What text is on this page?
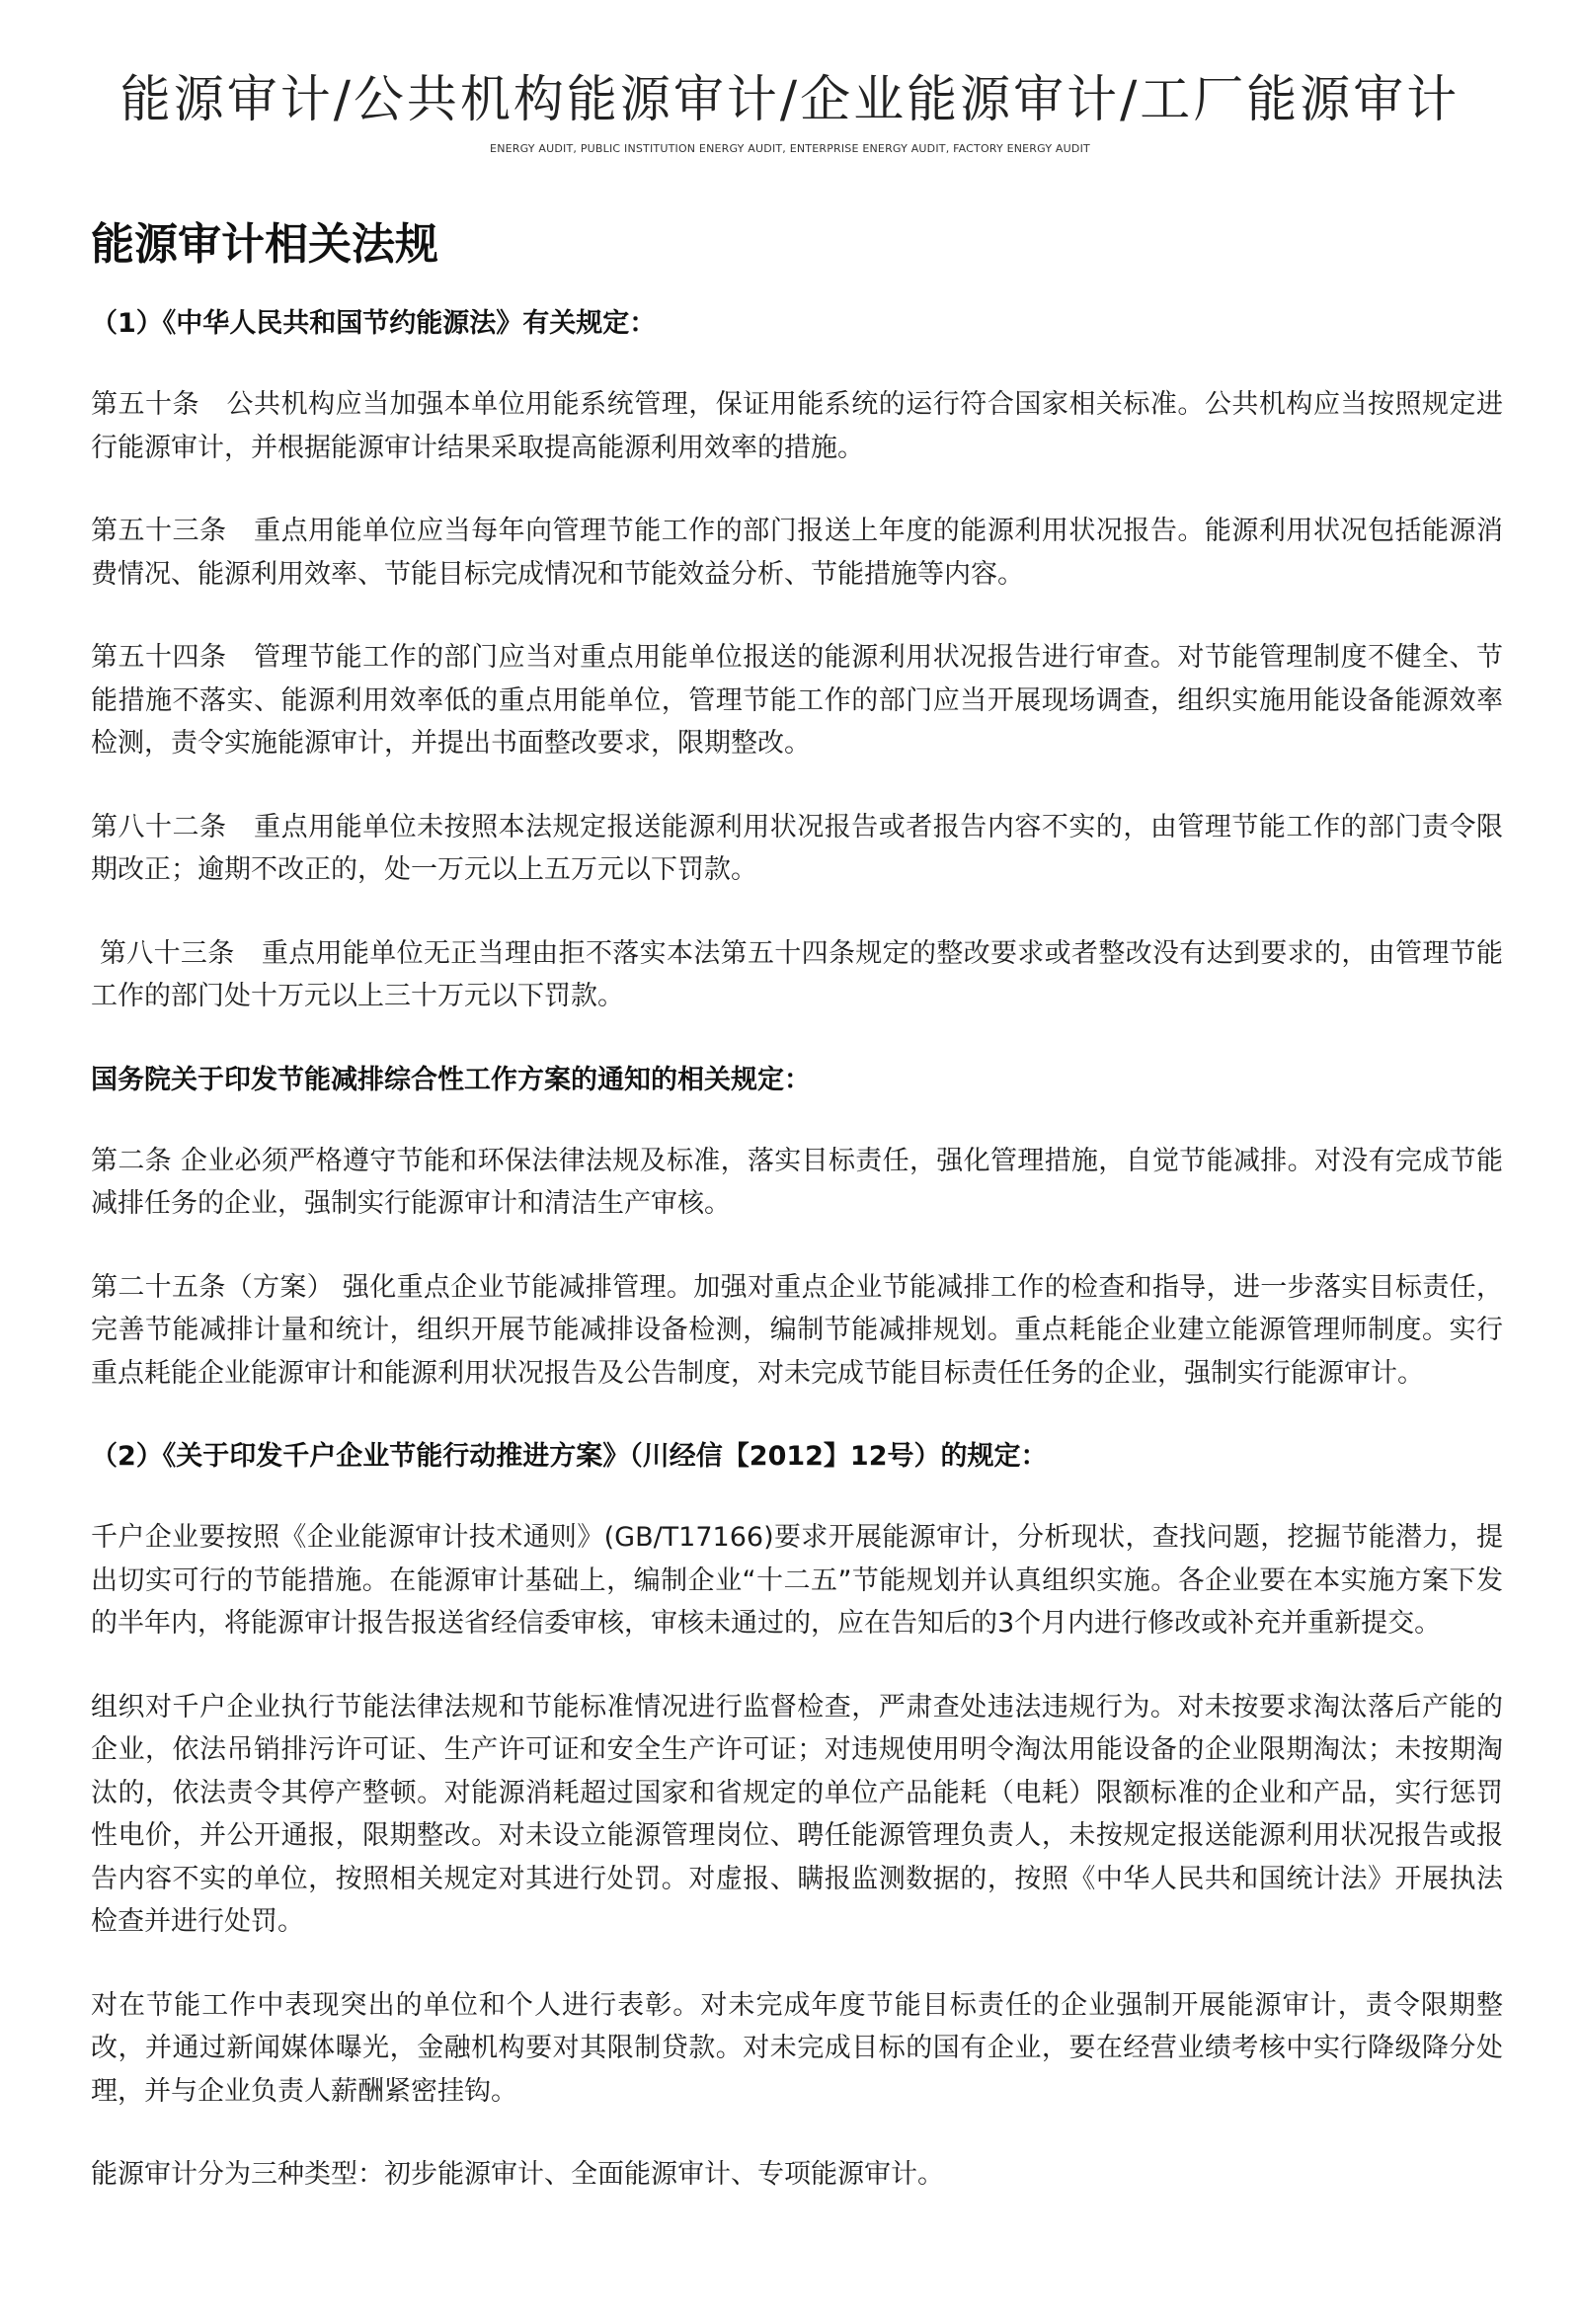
能源审计/公共机构能源审计/企业能源审计/工厂能源审计
ENERGY AUDIT, PUBLIC INSTITUTION ENERGY AUDIT, ENTERPRISE ENERGY AUDIT, FACTORY ENERGY AUDIT
能源审计相关法规
（1）《中华人民共和国节约能源法》有关规定：

第五十条　公共机构应当加强本单位用能系统管理，保证用能系统的运行符合国家相关标准。公共机构应当按照规定进行能源审计，并根据能源审计结果采取提高能源利用效率的措施。

第五十三条　重点用能单位应当每年向管理节能工作的部门报送上年度的能源利用状况报告。能源利用状况包括能源消费情况、能源利用效率、节能目标完成情况和节能效益分析、节能措施等内容。

第五十四条　管理节能工作的部门应当对重点用能单位报送的能源利用状况报告进行审查。对节能管理制度不健全、节能措施不落实、能源利用效率低的重点用能单位，管理节能工作的部门应当开展现场调查，组织实施用能设备能源效率检测，责令实施能源审计，并提出书面整改要求，限期整改。

第八十二条　重点用能单位未按照本法规定报送能源利用状况报告或者报告内容不实的，由管理节能工作的部门责令限期改正；逾期不改正的，处一万元以上五万元以下罚款。

第八十三条　重点用能单位无正当理由拒不落实本法第五十四条规定的整改要求或者整改没有达到要求的，由管理节能工作的部门处十万元以上三十万元以下罚款。

国务院关于印发节能减排综合性工作方案的通知的相关规定：

第二条 企业必须严格遵守节能和环保法律法规及标准，落实目标责任，强化管理措施，自觉节能减排。对没有完成节能减排任务的企业，强制实行能源审计和清洁生产审核。

第二十五条（方案） 强化重点企业节能减排管理。加强对重点企业节能减排工作的检查和指导，进一步落实目标责任，完善节能减排计量和统计，组织开展节能减排设备检测，编制节能减排规划。重点耗能企业建立能源管理师制度。实行重点耗能企业能源审计和能源利用状况报告及公告制度，对未完成节能目标责任任务的企业，强制实行能源审计。

（2）《关于印发千户企业节能行动推进方案》（川经信【2012】12号）的规定：

千户企业要按照《企业能源审计技术通则》(GB/T17166)要求开展能源审计，分析现状，查找问题，挖掘节能潜力，提出切实可行的节能措施。在能源审计基础上，编制企业“十二五”节能规划并认真组织实施。各企业要在本实施方案下发的半年内，将能源审计报告报送省经信委审核，审核未通过的，应在告知后的3个月内进行修改或补充并重新提交。

组织对千户企业执行节能法律法规和节能标准情况进行监督检查，严肃查处违法违规行为。对未按要求淘汰落后产能的企业，依法吊销排污许可证、生产许可证和安全生产许可证；对违规使用明令淘汰用能设备的企业限期淘汰；未按期淘汰的，依法责令其停产整顿。对能源消耗超过国家和省规定的单位产品能耗（电耗）限额标准的企业和产品，实行惩罚性电价，并公开通报，限期整改。对未设立能源管理岗位、聘任能源管理负责人，未按规定报送能源利用状况报告或报告内容不实的单位，按照相关规定对其进行处罚。对虚报、瞒报监测数据的，按照《中华人民共和国统计法》开展执法检查并进行处罚。

对在节能工作中表现突出的单位和个人进行表彰。对未完成年度节能目标责任的企业强制开展能源审计，责令限期整改，并通过新闻媒体曝光，金融机构要对其限制贷款。对未完成目标的国有企业，要在经营业绩考核中实行降级降分处理，并与企业负责人薪酬紧密挂钩。

能源审计分为三种类型：初步能源审计、全面能源审计、专项能源审计。
